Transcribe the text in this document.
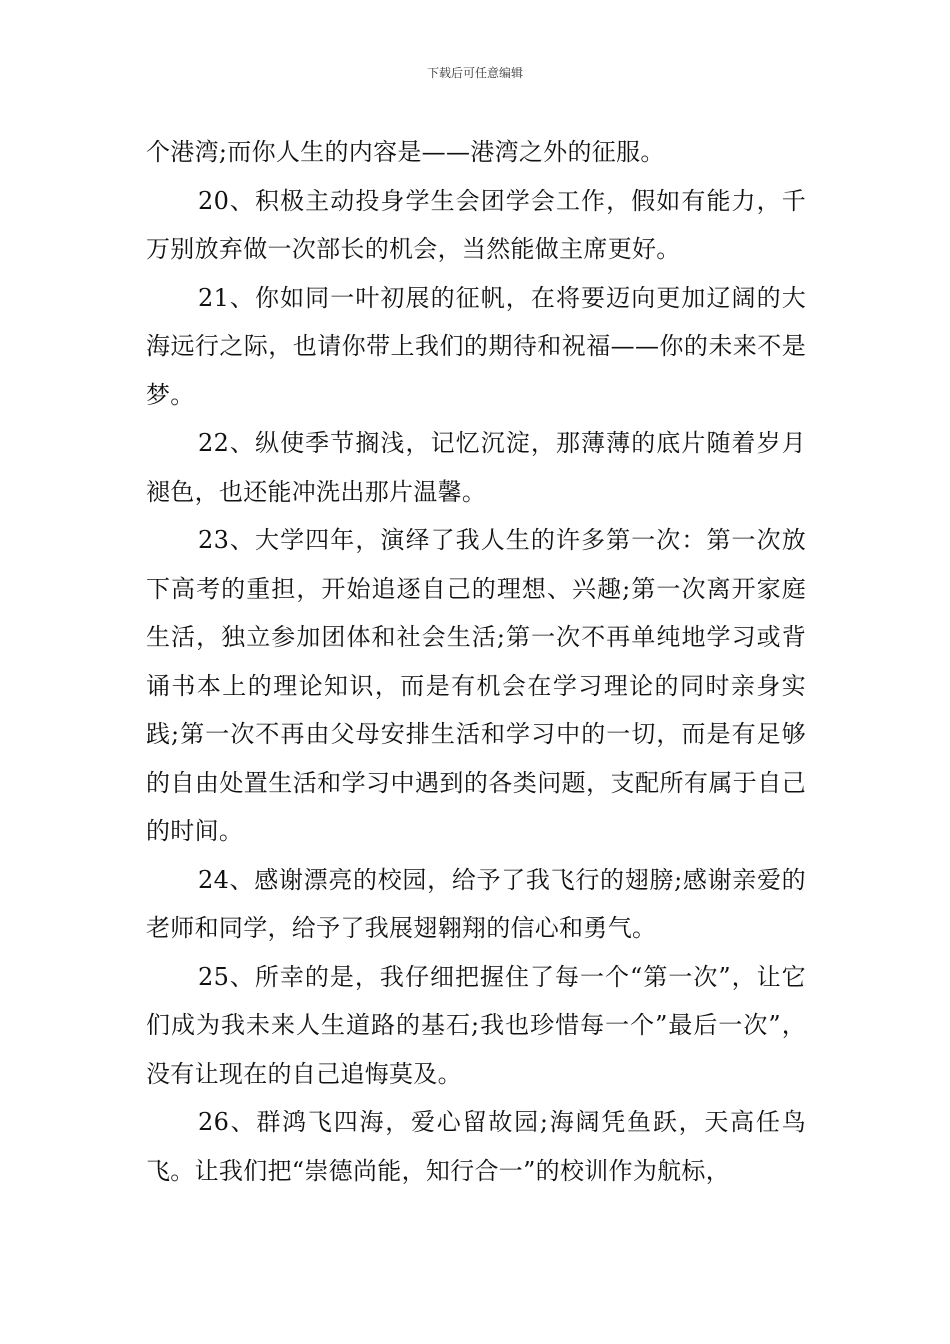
下载后可任意编辑

个港湾;而你人生的内容是——港湾之外的征服。

20、积极主动投身学生会团学会工作，假如有能力，千万别放弃做一次部长的机会，当然能做主席更好。

21、你如同一叶初展的征帆，在将要迈向更加辽阔的大海远行之际，也请你带上我们的期待和祝福——你的未来不是梦。

22、纵使季节搁浅，记忆沉淀，那薄薄的底片随着岁月褪色，也还能冲洗出那片温馨。

23、大学四年，演绎了我人生的许多第一次：第一次放下高考的重担，开始追逐自己的理想、兴趣;第一次离开家庭生活，独立参加团体和社会生活;第一次不再单纯地学习或背诵书本上的理论知识，而是有机会在学习理论的同时亲身实践;第一次不再由父母安排生活和学习中的一切，而是有足够的自由处置生活和学习中遇到的各类问题，支配所有属于自己的时间。

24、感谢漂亮的校园，给予了我飞行的翅膀;感谢亲爱的老师和同学，给予了我展翅翱翔的信心和勇气。

25、所幸的是，我仔细把握住了每一个“第一次”，让它们成为我未来人生道路的基石;我也珍惜每一个”最后一次”，没有让现在的自己追悔莫及。

26、群鸿飞四海，爱心留故园;海阔凭鱼跃，天高任鸟飞。让我们把“崇德尚能，知行合一”的校训作为航标，
